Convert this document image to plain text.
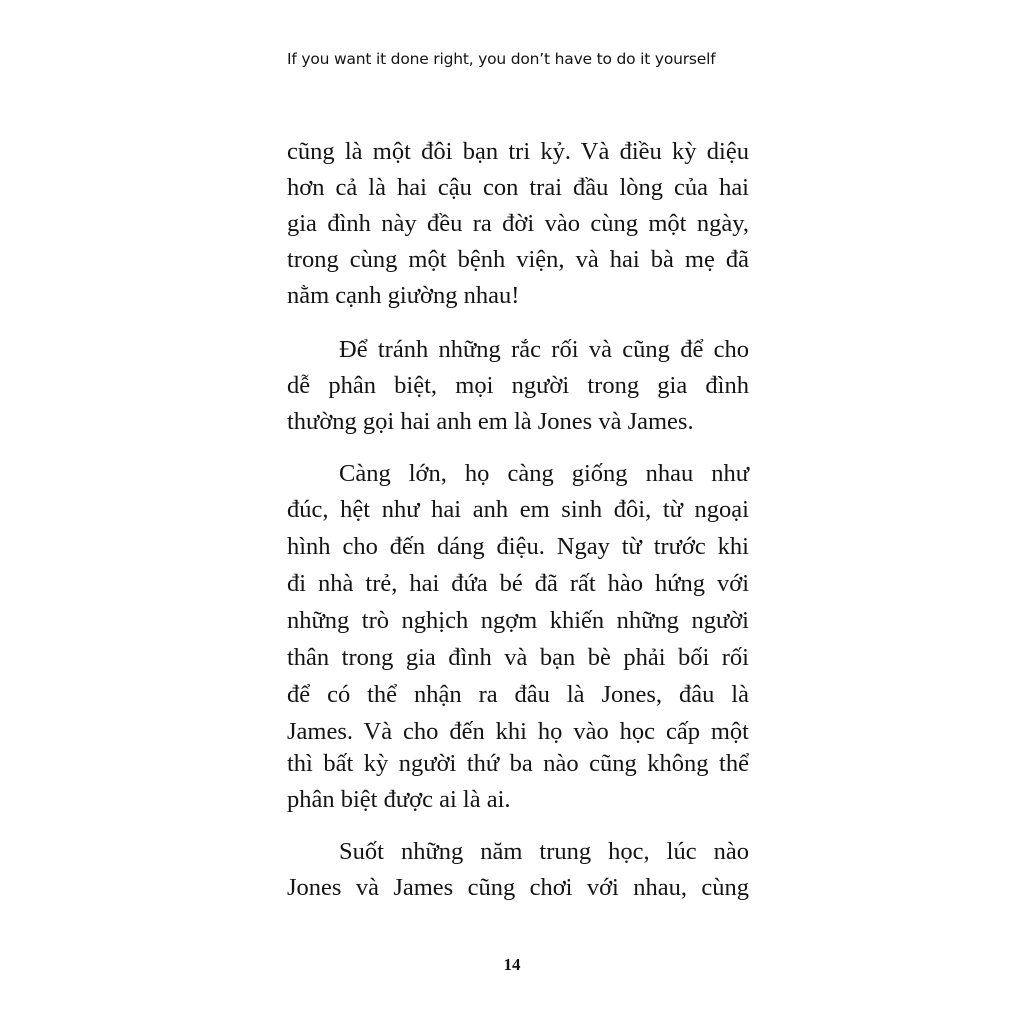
If you want it done right, you don’t have to do it yourself
cũng là một đôi bạn tri kỷ. Và điều kỳ diệu
hơn cả là hai cậu con trai đầu lòng của hai
gia đình này đều ra đời vào cùng một ngày,
trong cùng một bệnh viện, và hai bà mẹ đã
nằm cạnh giường nhau!
Để tránh những rắc rối và cũng để cho
dễ phân biệt, mọi người trong gia đình
thường gọi hai anh em là Jones và James.
Càng lớn, họ càng giống nhau như
đúc, hệt như hai anh em sinh đôi, từ ngoại
hình cho đến dáng điệu. Ngay từ trước khi
đi nhà trẻ, hai đứa bé đã rất hào hứng với
những trò nghịch ngợm khiến những người
thân trong gia đình và bạn bè phải bối rối
để có thể nhận ra đâu là Jones, đâu là
James. Và cho đến khi họ vào học cấp một
thì bất kỳ người thứ ba nào cũng không thể
phân biệt được ai là ai.
Suốt những năm trung học, lúc nào
Jones và James cũng chơi với nhau, cùng
14
